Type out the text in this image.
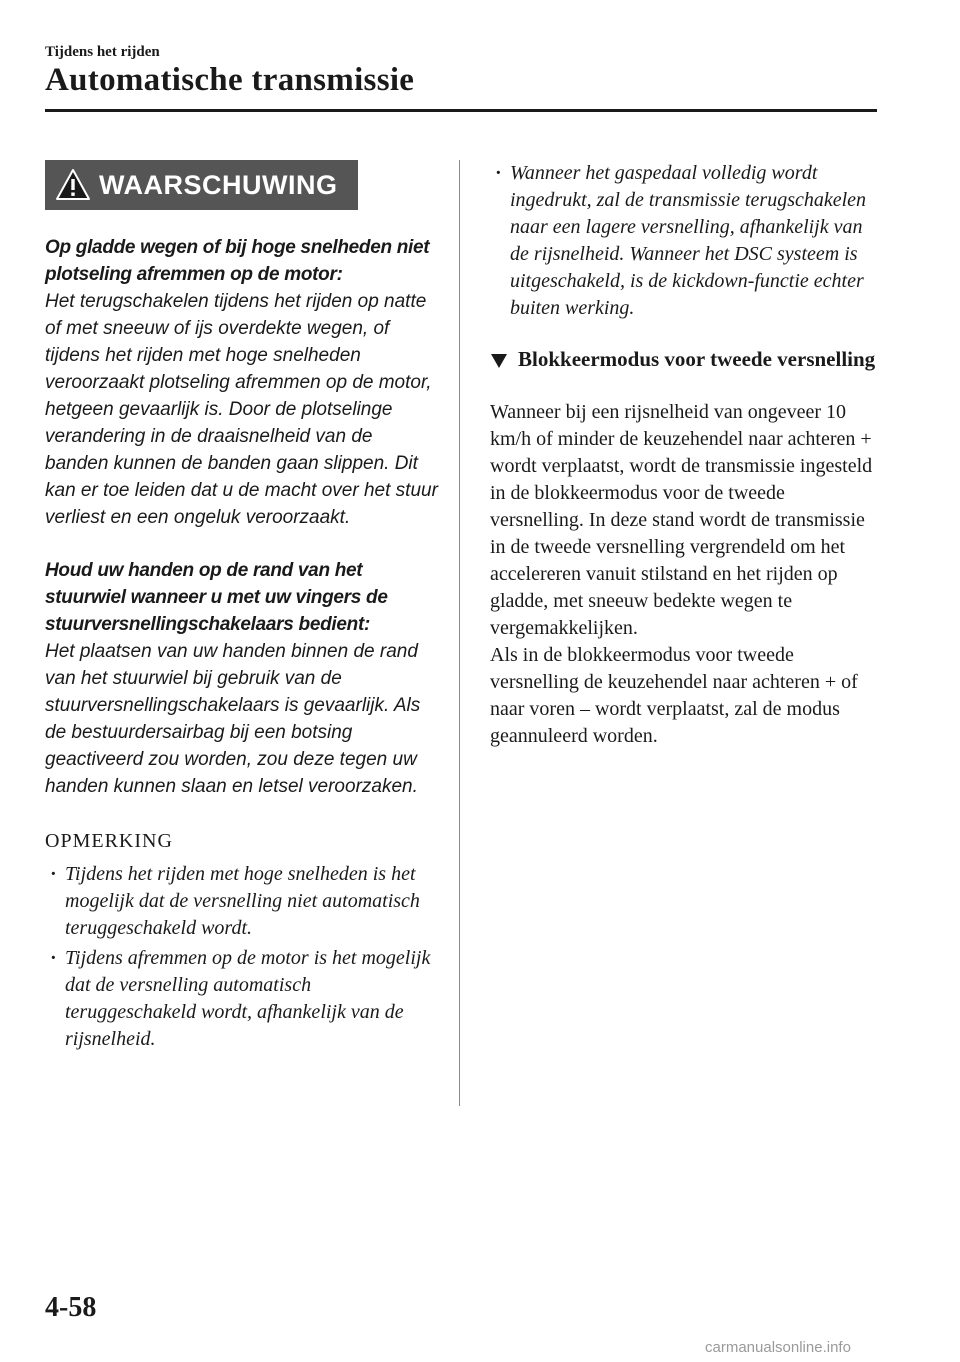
Tijdens het rijden

Automatische transmissie
WAARSCHUWING

Op gladde wegen of bij hoge snelheden niet plotseling afremmen op de motor:

Het terugschakelen tijdens het rijden op natte of met sneeuw of ijs overdekte wegen, of tijdens het rijden met hoge snelheden veroorzaakt plotseling afremmen op de motor, hetgeen gevaarlijk is. Door de plotselinge verandering in de draaisnelheid van de banden kunnen de banden gaan slippen. Dit kan er toe leiden dat u de macht over het stuur verliest en een ongeluk veroorzaakt.

Houd uw handen op de rand van het stuurwiel wanneer u met uw vingers de stuurversnellingschakelaars bedient:

Het plaatsen van uw handen binnen de rand van het stuurwiel bij gebruik van de stuurversnellingschakelaars is gevaarlijk. Als de bestuurdersairbag bij een botsing geactiveerd zou worden, zou deze tegen uw handen kunnen slaan en letsel veroorzaken.

OPMERKING

· Tijdens het rijden met hoge snelheden is het mogelijk dat de versnelling niet automatisch teruggeschakeld wordt.
· Tijdens afremmen op de motor is het mogelijk dat de versnelling automatisch teruggeschakeld wordt, afhankelijk van de rijsnelheid.
· Wanneer het gaspedaal volledig wordt ingedrukt, zal de transmissie terugschakelen naar een lagere versnelling, afhankelijk van de rijsnelheid. Wanneer het DSC systeem is uitgeschakeld, is de kickdown-functie echter buiten werking.
Blokkeermodus voor tweede versnelling

Wanneer bij een rijsnelheid van ongeveer 10 km/h of minder de keuzehendel naar achteren + wordt verplaatst, wordt de transmissie ingesteld in de blokkeermodus voor de tweede versnelling. In deze stand wordt de transmissie in de tweede versnelling vergrendeld om het accelereren vanuit stilstand en het rijden op gladde, met sneeuw bedekte wegen te vergemakkelijken.

Als in de blokkeermodus voor tweede versnelling de keuzehendel naar achteren + of naar voren – wordt verplaatst, zal de modus geannuleerd worden.

4-58

carmanualsonline.info
